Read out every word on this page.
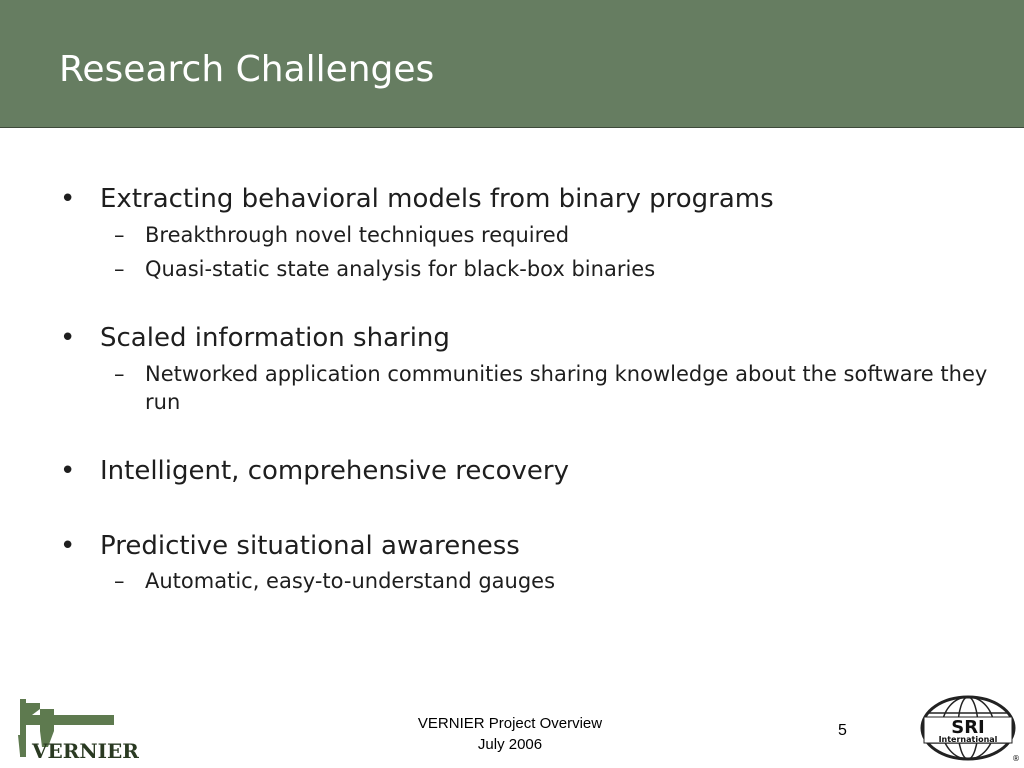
Research Challenges
• Extracting behavioral models from binary programs
– Breakthrough novel techniques required
– Quasi-static state analysis for black-box binaries
• Scaled information sharing
– Networked application communities sharing knowledge about the software they run
• Intelligent, comprehensive recovery
• Predictive situational awareness
– Automatic, easy-to-understand gauges
VERNIER
VERNIER Project Overview
July 2006
5	SRI
International
®
